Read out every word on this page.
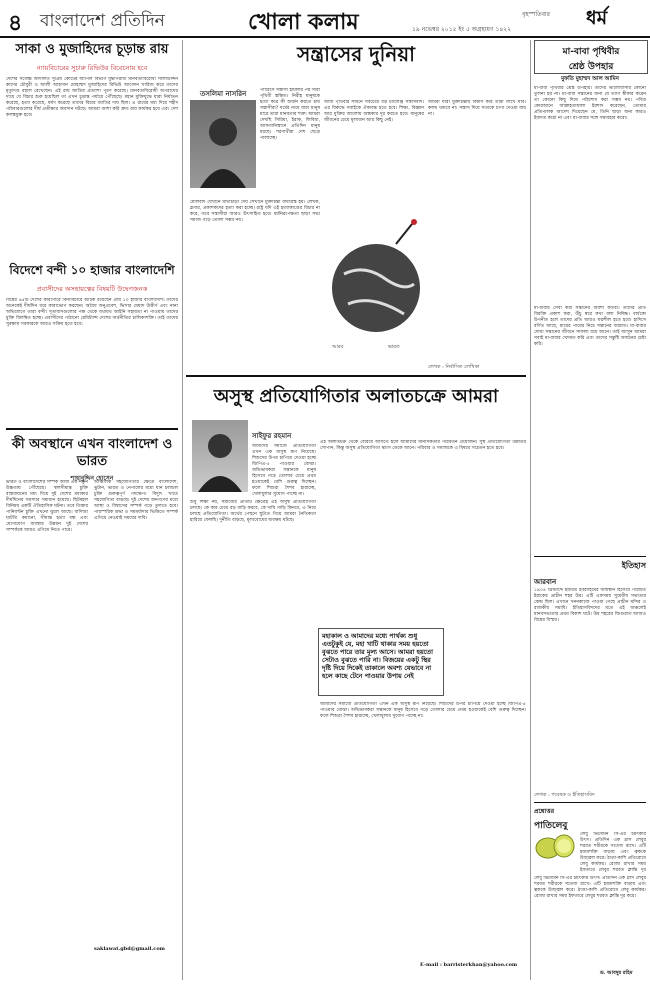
৪ বাংলাদেশ প্রতিদিন	খোলা কলাম	বৃহস্পতিবার
১৯ নভেম্বর ২০১৫ ইং ৫ অগ্রহায়ণ ১৪২২
ধর্ম
সাকা ও মুজাহিদের চূড়ান্ত রায়
ন্যায়বিচারের সুচারু রিভিউর বিবেচনায় হবে
দেশের সর্বোচ্চ আদালত সুপ্রিম কোর্টের আপিল বিভাগ যুদ্ধাপরাধী মানবতাবিরোধী সালাউদ্দিন কাদের চৌধুরী ও আলী আহসান মোহাম্মদ মুজাহিদের রিভিউ আবেদন খারিজ করে তাদের মৃত্যুদণ্ড বহাল রেখেছেন। এই রায় জাতির প্রত্যাশা পূরণ করেছে। মানবতাবিরোধী অপরাধের দায়ে যে বিচার শুরু হয়েছিল তা এখন চূড়ান্ত পর্যায়ে পৌঁছেছে। মহান মুক্তিযুদ্ধে যারা নির্যাতন করেছে, হত্যা করেছে, ধর্ষণ করেছে তাদের বিচার জাতির দায় ছিল। এ রায়ের মধ্য দিয়ে শহীদ পরিবারগুলোর দীর্ঘ প্রতীক্ষার অবসান ঘটছে। আমরা আশা করি দ্রুত রায় কার্যকর হবে এবং দেশ কলঙ্কমুক্ত হবে।
বিদেশে বন্দী ১০ হাজার বাংলাদেশি
প্রবাসীদের অসহায়ত্বের বিষয়টি উদ্বেগজনক
বিশ্বের ৬৫টি দেশের কারাগারে বিনাবিচারে আটক রয়েছেন প্রায় ১০ হাজার বাংলাদেশি। তাদের অনেকেই দীর্ঘদিন ধরে কারাভোগ করছেন। অবৈধ অনুপ্রবেশ, ভিসার মেয়াদ উত্তীর্ণ এবং নানা অভিযোগে তারা বন্দী। দূতাবাসগুলোর পক্ষ থেকে যথাযথ আইনি সহায়তা না পাওয়ায় তাদের মুক্তি বিলম্বিত হচ্ছে। প্রবাসীদের পাঠানো রেমিট্যান্স দেশের অর্থনীতির চালিকাশক্তি। তাই তাদের সুরক্ষায় সরকারকে আরও সক্রিয় হতে হবে।
কী অবস্থানে এখন বাংলাদেশ ও ভারত
শাহাবুদ্দিন হোসেন
ভারত ও বাংলাদেশের সম্পর্ক আজ এক নতুন উচ্চতায় পৌঁছেছে। স্থলসীমান্ত চুক্তি বাস্তবায়নের মধ্য দিয়ে দুই দেশের মধ্যকার দীর্ঘদিনের সমস্যার সমাধান হয়েছে। ছিটমহল বিনিময় একটি ঐতিহাসিক ঘটনা। তবে তিস্তার পানিবণ্টন চুক্তি এখনো ঝুলে আছে। বাণিজ্য ঘাটতি কমানো, সীমান্ত হত্যা বন্ধ এবং যোগাযোগ ব্যবস্থার উন্নয়ন দুই দেশের সম্পর্ককে আরও এগিয়ে নিতে পারে।
আঞ্চলিক সহযোগিতার ক্ষেত্রে বাংলাদেশ, ভুটান, ভারত ও নেপালের মধ্যে যান চলাচল চুক্তি গুরুত্বপূর্ণ পদক্ষেপ। বিদ্যুৎ খাতে সহযোগিতা বাড়ছে। দুই দেশের জনগণের মধ্যে আস্থা ও বিশ্বাসের সম্পর্ক গড়ে তুলতে হবে। পারস্পরিক শ্রদ্ধা ও সমমর্যাদার ভিত্তিতে সম্পর্ক এগিয়ে নেওয়াই সময়ের দাবি।
saklawat.gbd@gmail.com
সন্ত্রাসের দুনিয়া
তসলিমা নাসরিন	প্যারিসে সন্ত্রাসী হামলার পর সারা পৃথিবী স্তম্ভিত। নিরীহ মানুষকে হত্যা করে কী অর্জন করতে চায় সন্ত্রাসীরা? ধর্মের নামে যারা মানুষ মারে তারা মানবতার শত্রু। আমরা দেখছি সিরিয়া, ইরাক, লিবিয়া, আফগানিস্তানে প্রতিদিন মানুষ মরছে। শরণার্থীরা দেশ ছেড়ে পালাচ্ছে।
মৌলবাদ যেখানে মাথাচাড়া দেয় সেখানে মুক্তচিন্তা বাধাগ্রস্ত হয়। লেখক, ব্লগার, প্রকাশকদের হত্যা করা হচ্ছে। রাষ্ট্র যদি এই হত্যাকাণ্ডের বিচার না করে, তবে সন্ত্রাসীরা আরও উৎসাহিত হবে। ধর্মনিরপেক্ষতা ছাড়া সভ্য সমাজ গড়ে তোলা সম্ভব নয়।
আজ পৃথিবীর সামনে সবচেয়ে বড় চ্যালেঞ্জ সন্ত্রাসবাদ। এর বিরুদ্ধে সবাইকে ঐক্যবদ্ধ হতে হবে। শিক্ষা, বিজ্ঞান আর যুক্তির আলোয় অন্ধকার দূর করতে হবে। মানুষের জীবনের চেয়ে মূল্যবান আর কিছু নেই।
আমরা যারা মুক্তচিন্তায় বিশ্বাস করি তারা লিখে যাব। কলম থামবে না। সন্ত্রাস দিয়ে সত্যকে চাপা দেওয়া যায় না।
আরব	ভারত
লেখক : নির্বাসিত লেখিকা
অসুস্থ প্রতিযোগিতার অলাতচক্রে আমরা
সাইফুর রহমান
আমাদের সমাজে প্রতিযোগিতা এখন এক অসুস্থ রূপ নিয়েছে। শিশুদের উপর চাপিয়ে দেওয়া হচ্ছে জিপিএ-৫ পাওয়ার বোঝা। অভিভাবকরা সন্তানকে মানুষ হিসেবে গড়ে তোলার চেয়ে প্রথম হওয়াকেই বেশি গুরুত্ব দিচ্ছেন। ফলে শিশুরা শৈশব হারাচ্ছে, খেলাধুলার সুযোগ পাচ্ছে না।
শুধু শিক্ষা নয়, সমাজের প্রতিটি ক্ষেত্রেই এই অসুস্থ প্রতিযোগিতা চলছে। কে কার চেয়ে বড় বাড়ি করবে, কে দামি গাড়ি কিনবে, এ নিয়ে চলছে প্রতিযোগিতা। অর্থের পেছনে ছুটতে গিয়ে আমরা নৈতিকতা হারিয়ে ফেলছি। দুর্নীতি বাড়ছে, মূল্যবোধের অবক্ষয় ঘটছে।
এই অলাতচক্র থেকে বেরিয়ে আসতে হলে আমাদের মানসিকতার পরিবর্তন প্রয়োজন। সুস্থ প্রতিযোগিতা উন্নতির সোপান, কিন্তু অসুস্থ প্রতিযোগিতা ধ্বংস ডেকে আনে। পরিবার ও সমাজকে এ বিষয়ে সচেতন হতে হবে।
মহাকাল ও আমাদের মধ্যে পার্থক্য শুধু এতটুকুই যে, মহা খাটি থাকার সময় হয়তো বুঝতে পারে তার মূল্য আসে। আমরা হয়তো সেটাও বুঝতে পারি না। বিজয়ের একটু স্থির দৃষ্টি দিয়ে দিকেই তাকালে অবশ্য যেভাবে না হলে কাছে টেনে পাওয়ার উপায় নেই
আমাদের সমাজে প্রতিযোগিতা এখন এক অসুস্থ রূপ নিয়েছে। শিশুদের উপর চাপিয়ে দেওয়া হচ্ছে জিপিএ-৫ পাওয়ার বোঝা। অভিভাবকরা সন্তানকে মানুষ হিসেবে গড়ে তোলার চেয়ে প্রথম হওয়াকেই বেশি গুরুত্ব দিচ্ছেন। ফলে শিশুরা শৈশব হারাচ্ছে, খেলাধুলার সুযোগ পাচ্ছে না।
E-mail : barristerkhan@yahoo.com
মা-বাবা পৃথিবীর
শ্রেষ্ঠ উপহার
মুফতি মুহাম্মদ আল আমিন
মা-বাবা পৃথিবীর শ্রেষ্ঠ উপহার। তাদের ভালোবাসার কোনো তুলনা হয় না। মা-বাবা সন্তানের জন্য যে ত্যাগ স্বীকার করেন তা কোনো কিছু দিয়ে পরিশোধ করা সম্ভব নয়। পবিত্র কোরআনে আল্লাহতায়ালা ইরশাদ করেছেন, তোমার প্রতিপালক আদেশ দিয়েছেন যে, তিনি ছাড়া অন্য কারও ইবাদত করো না এবং মা-বাবার সঙ্গে সদ্ব্যবহার করো।
মা-বাবার সেবা করা সন্তানের অবশ্য কর্তব্য। তাদের প্রতি বিরক্তি প্রকাশ করা, উঁচু স্বরে কথা বলা নিষিদ্ধ। বার্ধক্যে উপনীত হলে তাদের প্রতি আরও যত্নশীল হতে হবে। হাদিসে বর্ণিত আছে, মায়ের পায়ের নিচে সন্তানের জান্নাত। মা-বাবার দোয়া সন্তানের জীবনে সাফল্য বয়ে আনে। তাই আসুন আমরা সবাই মা-বাবার খেদমত করি এবং তাদের সন্তুষ্টি অর্জনের চেষ্টা করি।
ইতিহাস
আরবান
১৯০৪ খ্রিস্টাব্দে হজরত ইবরাহিমের জন্মস্থান হিসেবে পরিচিত ইরাকের প্রাচীন শহর উর। এটি একসময় সুমেরীয় সভ্যতার কেন্দ্র ছিল। এখানে খননকাজে পাওয়া গেছে প্রাচীন মন্দির ও রাজকীয় সমাধি। ইতিহাসবিদদের মতে এই অঞ্চলেই মানবসভ্যতার প্রথম বিকাশ ঘটে। উর শহরের জিগুরাত আজও বিশ্বের বিস্ময়।
লেখক : গবেষক ও ইতিহাসবিদ
প্রশ্নোত্তর
পাতিলেবু
লেবু ভিটামিন সি-এর চমৎকার উৎস। প্রতিদিন এক গ্লাস লেবুর শরবত শরীরকে সতেজ রাখে। এটি হজমশক্তি বাড়ায় এবং ত্বককে উজ্জ্বল করে। ঠাণ্ডা-কাশি প্রতিরোধে লেবু কার্যকর। রোজা রাখার সময় ইফতারে লেবুর শরবত ক্লান্তি দূর
লেবু ভিটামিন সি-এর চমৎকার উৎস। প্রতিদিন এক গ্লাস লেবুর শরবত শরীরকে সতেজ রাখে। এটি হজমশক্তি বাড়ায় এবং ত্বককে উজ্জ্বল করে। ঠাণ্ডা-কাশি প্রতিরোধে লেবু কার্যকর। রোজা রাখার সময় ইফতারে লেবুর শরবত ক্লান্তি দূর করে।
ড. আবদুর রহিম
